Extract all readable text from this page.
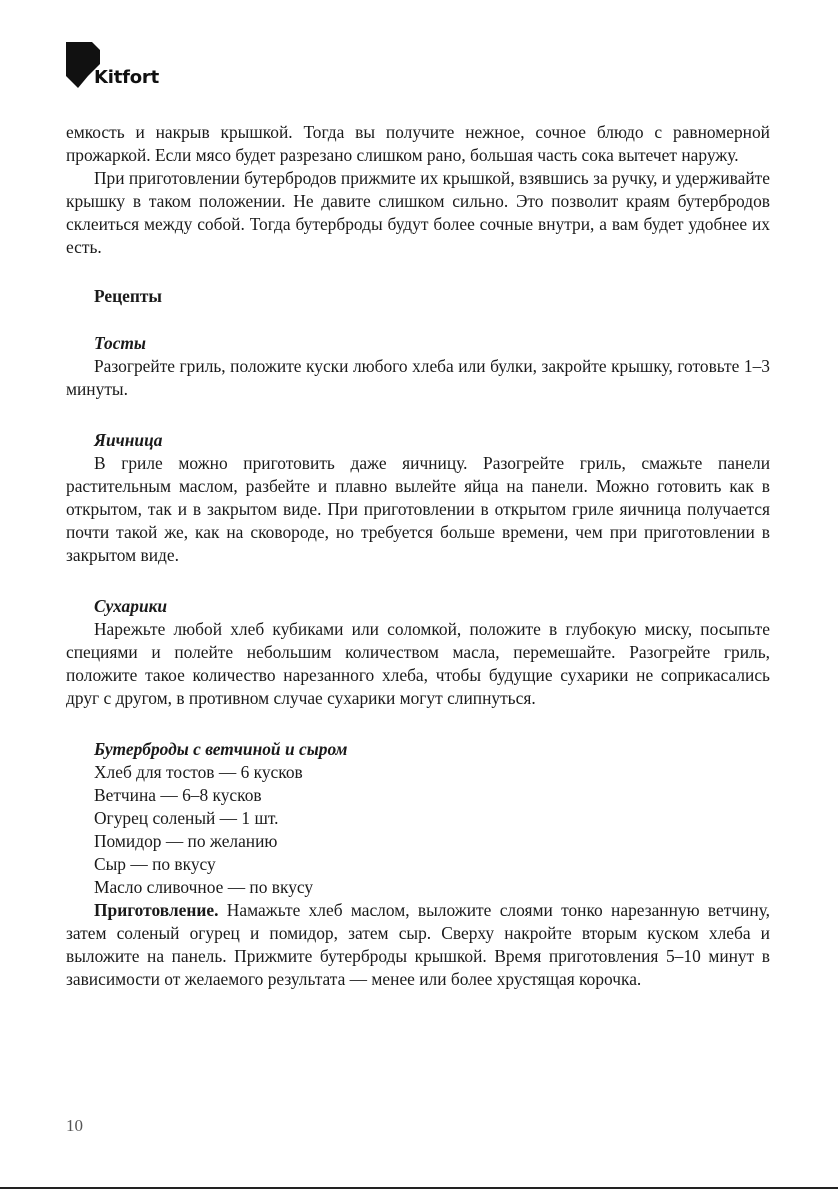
Kitfort

емкость и накрыв крышкой. Тогда вы получите нежное, сочное блюдо с равномерной прожаркой. Если мясо будет разрезано слишком рано, большая часть сока вытечет наружу.

При приготовлении бутербродов прижмите их крышкой, взявшись за ручку, и удерживайте крышку в таком положении. Не давите слишком сильно. Это позволит краям бутербродов склеиться между собой. Тогда бутерброды будут более сочные внутри, а вам будет удобнее их есть.

Рецепты

Тосты

Разогрейте гриль, положите куски любого хлеба или булки, закройте крышку, готовьте 1–3 минуты.

Яичница

В гриле можно приготовить даже яичницу. Разогрейте гриль, смажьте панели растительным маслом, разбейте и плавно вылейте яйца на панели. Можно готовить как в открытом, так и в закрытом виде. При приготовлении в открытом гриле яичница получается почти такой же, как на сковороде, но требуется больше времени, чем при приготовлении в закрытом виде.

Сухарики

Нарежьте любой хлеб кубиками или соломкой, положите в глубокую миску, посыпьте специями и полейте небольшим количеством масла, перемешайте. Разогрейте гриль, положите такое количество нарезанного хлеба, чтобы будущие сухарики не соприкасались друг с другом, в противном случае сухарики могут слипнуться.

Бутерброды с ветчиной и сыром

Хлеб для тостов — 6 кусков

Ветчина — 6–8 кусков

Огурец соленый — 1 шт.

Помидор — по желанию

Сыр — по вкусу

Масло сливочное — по вкусу

Приготовление. Намажьте хлеб маслом, выложите слоями тонко нарезанную ветчину, затем соленый огурец и помидор, затем сыр. Сверху накройте вторым куском хлеба и выложите на панель. Прижмите бутерброды крышкой. Время приготовления 5–10 минут в зависимости от желаемого результата — менее или более хрустящая корочка.

10
